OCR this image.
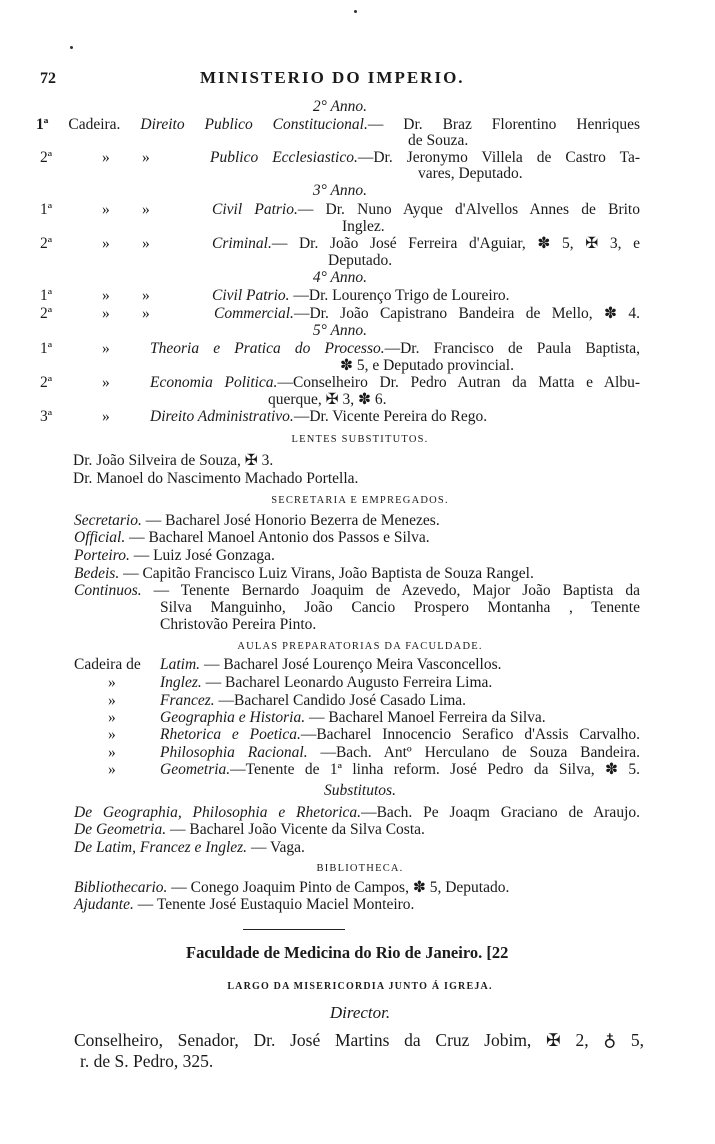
72	MINISTERIO DO IMPERIO.
2° Anno.
1ª Cadeira. Direito Publico Constitucional.— Dr. Braz Florentino Henriques
de Souza.
2ª	» »	Publico Ecclesiastico.—Dr. Jeronymo Villela de Castro Ta-
vares, Deputado.
3° Anno.
1ª	» »	Civil Patrio.— Dr. Nuno Ayque d'Alvellos Annes de Brito
Inglez.
2ª	» »	Criminal.— Dr. João José Ferreira d'Aguiar, ✽ 5, ✠ 3, e
Deputado.
4° Anno.
1ª	» »	Civil Patrio. —Dr. Lourenço Trigo de Loureiro.
2ª	» »	Commercial.—Dr. João Capistrano Bandeira de Mello, ✽ 4.
5° Anno.
1ª	»	Theoria e Pratica do Processo.—Dr. Francisco de Paula Baptista,
✽ 5, e Deputado provincial.
2ª	»	Economia Politica.—Conselheiro Dr. Pedro Autran da Matta e Albu-
querque, ✠ 3, ✽ 6.
3ª	»	Direito Administrativo.—Dr. Vicente Pereira do Rego.
LENTES SUBSTITUTOS.
Dr. João Silveira de Souza, ✠ 3.
Dr. Manoel do Nascimento Machado Portella.
SECRETARIA E EMPREGADOS.
Secretario. — Bacharel José Honorio Bezerra de Menezes.
Official. — Bacharel Manoel Antonio dos Passos e Silva.
Porteiro. — Luiz José Gonzaga.
Bedeis. — Capitão Francisco Luiz Virans, João Baptista de Souza Rangel.
Continuos. — Tenente Bernardo Joaquim de Azevedo, Major João Baptista da
Silva Manguinho, João Cancio Prospero Montanha , Tenente
Christovão Pereira Pinto.
AULAS PREPARATORIAS DA FACULDADE.
Cadeira de Latim. — Bacharel José Lourenço Meira Vasconcellos.
»	Inglez. — Bacharel Leonardo Augusto Ferreira Lima.
»	Francez. —Bacharel Candido José Casado Lima.
»	Geographia e Historia. — Bacharel Manoel Ferreira da Silva.
»	Rhetorica e Poetica.—Bacharel Innocencio Serafico d'Assis Carvalho.
»	Philosophia Racional. —Bach. Antº Herculano de Souza Bandeira.
»	Geometria.—Tenente de 1ª linha reform. José Pedro da Silva, ✽ 5.
Substitutos.
De Geographia, Philosophia e Rhetorica.—Bach. Pe Joaqm Graciano de Araujo.
De Geometria. — Bacharel João Vicente da Silva Costa.
De Latim, Francez e Inglez. — Vaga.
BIBLIOTHECA.
Bibliothecario. — Conego Joaquim Pinto de Campos, ✽ 5, Deputado.
Ajudante. — Tenente José Eustaquio Maciel Monteiro.
Faculdade de Medicina do Rio de Janeiro. [22
LARGO DA MISERICORDIA JUNTO Á IGREJA.
Director.
Conselheiro, Senador, Dr. José Martins da Cruz Jobim, ✠ 2, ♁ 5,
r. de S. Pedro, 325.
